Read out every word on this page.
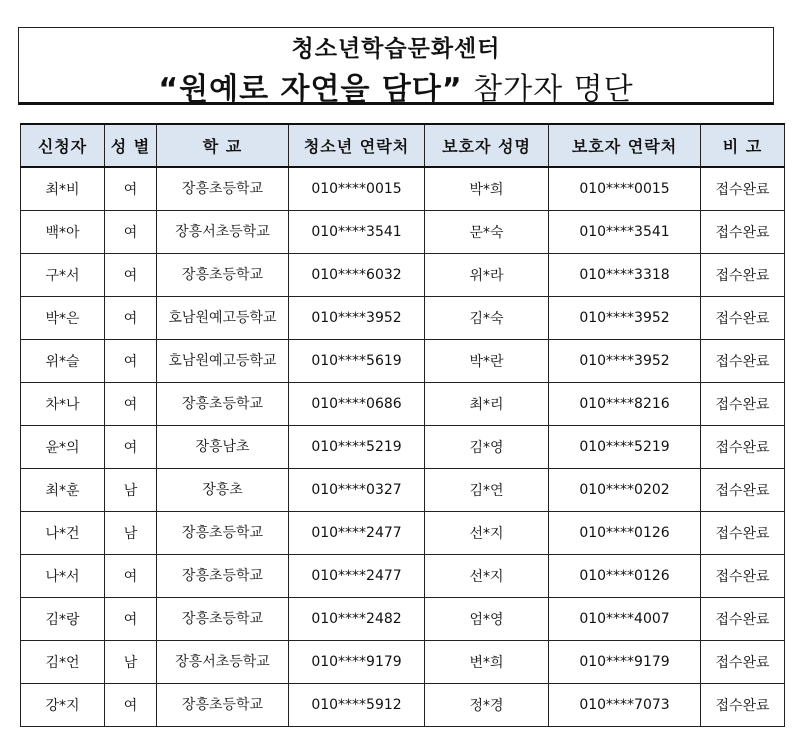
청소년학습문화센터
“원예로 자연을 담다” 참가자 명단
신청자	성 별	학 교	청소년 연락처	보호자 성명	보호자 연락처	비 고
최*비	여	장흥초등학교	010****0015	박*희	010****0015	접수완료
백*아	여	장흥서초등학교	010****3541	문*숙	010****3541	접수완료
구*서	여	장흥초등학교	010****6032	위*라	010****3318	접수완료
박*은	여	호남원예고등학교	010****3952	김*숙	010****3952	접수완료
위*슬	여	호남원예고등학교	010****5619	박*란	010****3952	접수완료
차*나	여	장흥초등학교	010****0686	최*리	010****8216	접수완료
윤*의	여	장흥남초	010****5219	김*영	010****5219	접수완료
최*훈	남	장흥초	010****0327	김*연	010****0202	접수완료
나*건	남	장흥초등학교	010****2477	선*지	010****0126	접수완료
나*서	여	장흥초등학교	010****2477	선*지	010****0126	접수완료
김*랑	여	장흥초등학교	010****2482	엄*영	010****4007	접수완료
김*언	남	장흥서초등학교	010****9179	변*희	010****9179	접수완료
강*지	여	장흥초등학교	010****5912	정*경	010****7073	접수완료
